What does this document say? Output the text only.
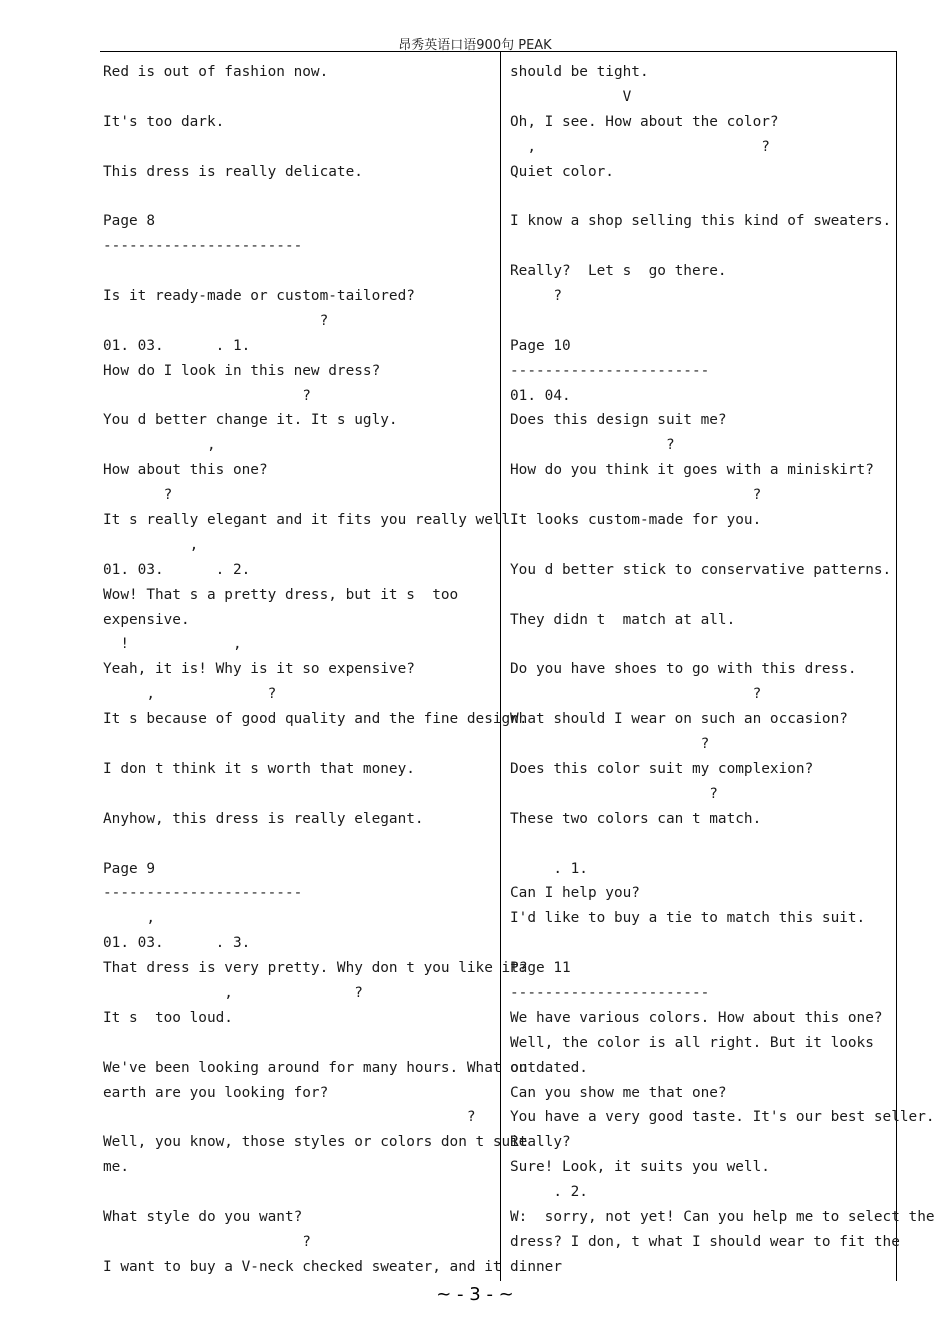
昂秀英语口语900句 PEAK
Red is out of fashion now.
It's too dark.
This dress is really delicate.
Page 8
-----------------------
Is it ready-made or custom-tailored?
?
01. 03.      . 1.
How do I look in this new dress?
?
You d better change it. It s ugly.
,
How about this one?
?
It s really elegant and it fits you really well.
,
01. 03.      . 2.
Wow! That s a pretty dress, but it s  too
expensive.
!            ,
Yeah, it is! Why is it so expensive?
,             ?
It s because of good quality and the fine design.
I don t think it s worth that money.
Anyhow, this dress is really elegant.
Page 9
-----------------------
,
01. 03.      . 3.
That dress is very pretty. Why don t you like it?
,              ?
It s  too loud.
We've been looking around for many hours. What on
earth are you looking for?
?
Well, you know, those styles or colors don t suit
me.
What style do you want?
?
I want to buy a V-neck checked sweater, and it
should be tight.
V
Oh, I see. How about the color?
,                          ?
Quiet color.
I know a shop selling this kind of sweaters.
Really?  Let s  go there.
?
Page 10
-----------------------
01. 04.
Does this design suit me?
?
How do you think it goes with a miniskirt?
?
It looks custom-made for you.
You d better stick to conservative patterns.
They didn t  match at all.
Do you have shoes to go with this dress.
?
What should I wear on such an occasion?
?
Does this color suit my complexion?
?
These two colors can t match.
. 1.
Can I help you?
I'd like to buy a tie to match this suit.
Page 11
-----------------------
We have various colors. How about this one?
Well, the color is all right. But it looks
outdated.
Can you show me that one?
You have a very good taste. It's our best seller.
Really?
Sure! Look, it suits you well.
. 2.
W:  sorry, not yet! Can you help me to select the
dress? I don, t what I should wear to fit the
dinner
~ - 3 - ~
